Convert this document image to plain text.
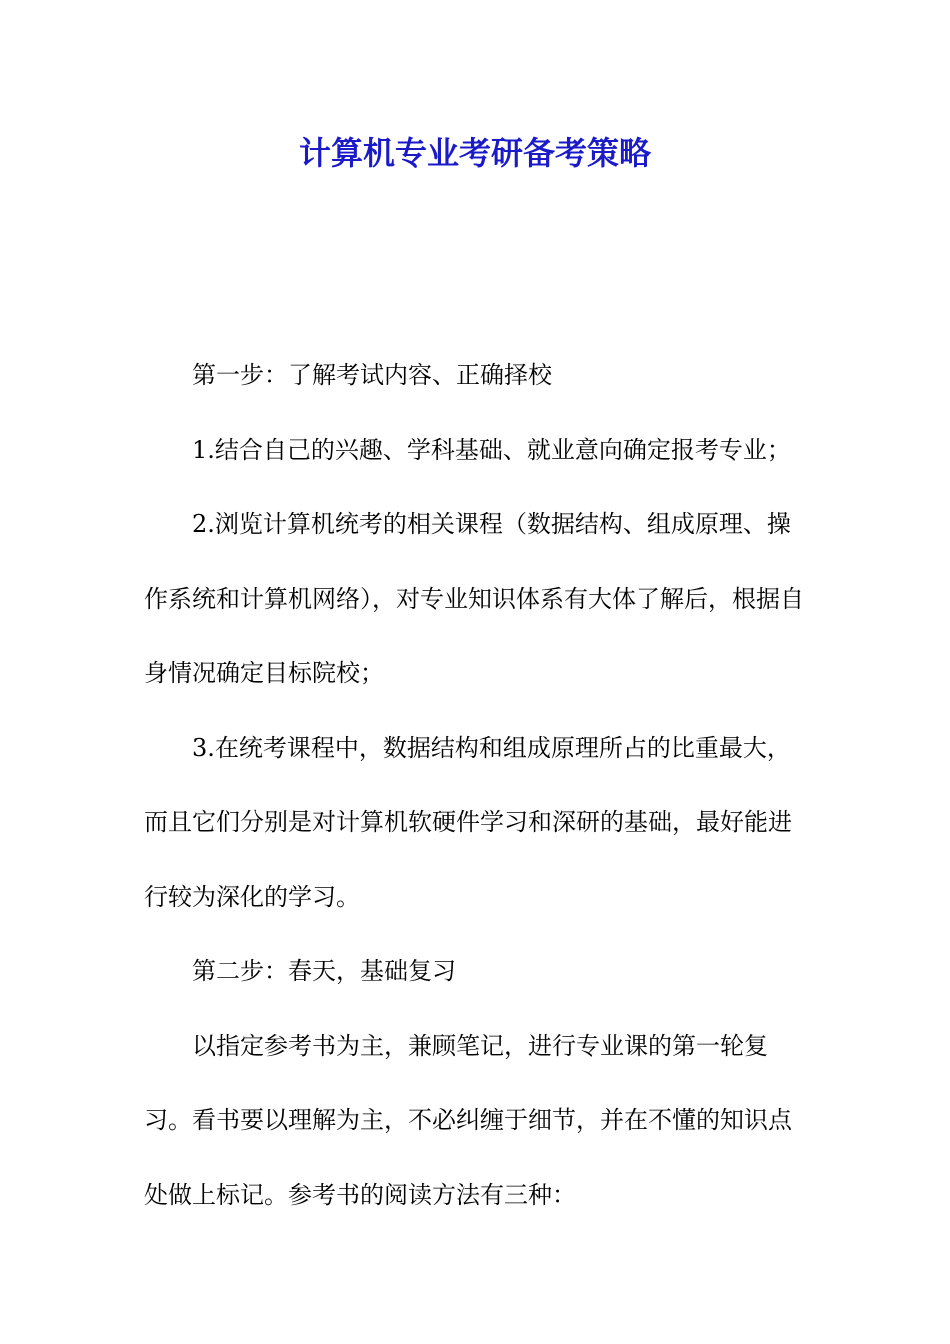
计算机专业考研备考策略

第一步：了解考试内容、正确择校

1.结合自己的兴趣、学科基础、就业意向确定报考专业；

2.浏览计算机统考的相关课程（数据结构、组成原理、操作系统和计算机网络），对专业知识体系有大体了解后，根据自身情况确定目标院校；

3.在统考课程中，数据结构和组成原理所占的比重最大，而且它们分别是对计算机软硬件学习和深研的基础，最好能进行较为深化的学习。

第二步：春天，基础复习

以指定参考书为主，兼顾笔记，进行专业课的第一轮复习。看书要以理解为主，不必纠缠于细节，并在不懂的知识点处做上标记。参考书的阅读方法有三种：
